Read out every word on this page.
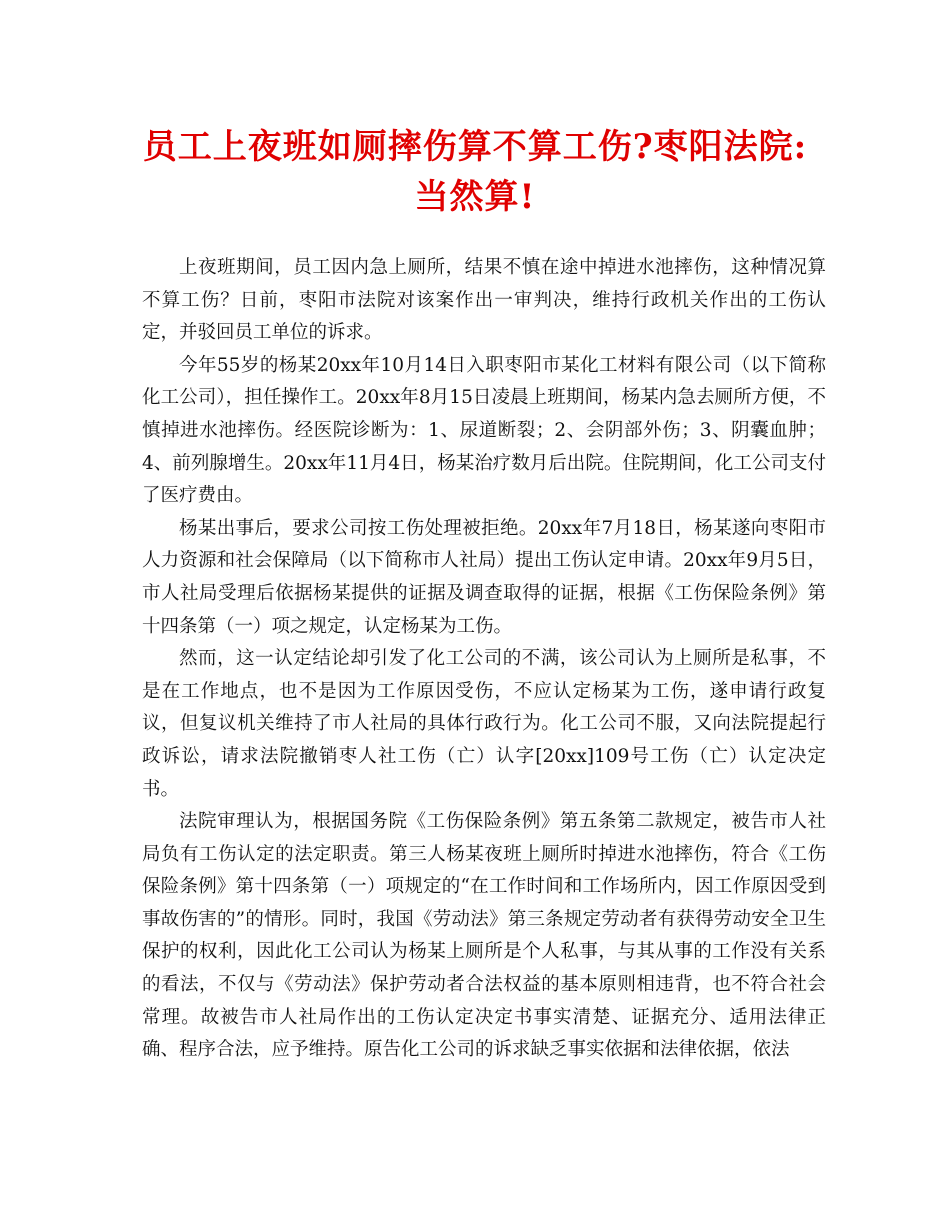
员工上夜班如厕摔伤算不算工伤?枣阳法院:
当然算!

上夜班期间，员工因内急上厕所，结果不慎在途中掉进水池摔伤，这种情况算不算工伤？日前，枣阳市法院对该案作出一审判决，维持行政机关作出的工伤认定，并驳回员工单位的诉求。

今年55岁的杨某20xx年10月14日入职枣阳市某化工材料有限公司（以下简称化工公司），担任操作工。20xx年8月15日凌晨上班期间，杨某内急去厕所方便，不慎掉进水池摔伤。经医院诊断为：1、尿道断裂；2、会阴部外伤；3、阴囊血肿；4、前列腺增生。20xx年11月4日，杨某治疗数月后出院。住院期间，化工公司支付了医疗费由。

杨某出事后，要求公司按工伤处理被拒绝。20xx年7月18日，杨某遂向枣阳市人力资源和社会保障局（以下简称市人社局）提出工伤认定申请。20xx年9月5日，市人社局受理后依据杨某提供的证据及调查取得的证据，根据《工伤保险条例》第十四条第（一）项之规定，认定杨某为工伤。

然而，这一认定结论却引发了化工公司的不满，该公司认为上厕所是私事，不是在工作地点，也不是因为工作原因受伤，不应认定杨某为工伤，遂申请行政复议，但复议机关维持了市人社局的具体行政行为。化工公司不服，又向法院提起行政诉讼，请求法院撤销枣人社工伤（亡）认字[20xx]109号工伤（亡）认定决定书。

法院审理认为，根据国务院《工伤保险条例》第五条第二款规定，被告市人社局负有工伤认定的法定职责。第三人杨某夜班上厕所时掉进水池摔伤，符合《工伤保险条例》第十四条第（一）项规定的“在工作时间和工作场所内，因工作原因受到事故伤害的”的情形。同时，我国《劳动法》第三条规定劳动者有获得劳动安全卫生保护的权利，因此化工公司认为杨某上厕所是个人私事，与其从事的工作没有关系的看法，不仅与《劳动法》保护劳动者合法权益的基本原则相违背，也不符合社会常理。故被告市人社局作出的工伤认定决定书事实清楚、证据充分、适用法律正确、程序合法，应予维持。原告化工公司的诉求缺乏事实依据和法律依据，依法
